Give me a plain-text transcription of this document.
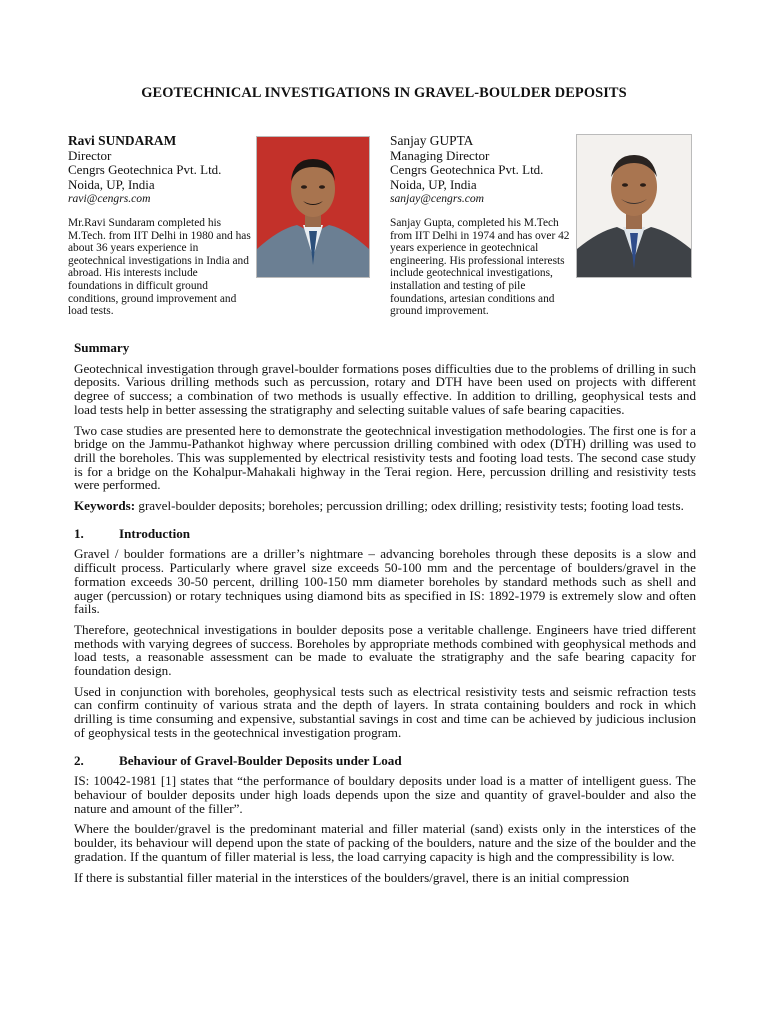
GEOTECHNICAL INVESTIGATIONS IN GRAVEL-BOULDER DEPOSITS
Ravi SUNDARAM
Director
Cengrs Geotechnica Pvt. Ltd.
Noida, UP, India
ravi@cengrs.com
Mr.Ravi Sundaram completed his M.Tech. from IIT Delhi in 1980 and has about 36 years experience in geotechnical investigations in India and abroad. His interests include foundations in difficult ground conditions, ground improvement and load tests.
Sanjay GUPTA
Managing Director
Cengrs Geotechnica Pvt. Ltd.
Noida, UP, India
sanjay@cengrs.com
Sanjay Gupta, completed his M.Tech from IIT Delhi in 1974 and has over 42 years experience in geotechnical engineering. His professional interests include geotechnical investigations, installation and testing of pile foundations, artesian conditions and ground improvement.
Summary

Geotechnical investigation through gravel-boulder formations poses difficulties due to the problems of drilling in such deposits. Various drilling methods such as percussion, rotary and DTH have been used on projects with different degree of success; a combination of two methods is usually effective. In addition to drilling, geophysical tests and load tests help in better assessing the stratigraphy and selecting suitable values of safe bearing capacities.

Two case studies are presented here to demonstrate the geotechnical investigation methodologies. The first one is for a bridge on the Jammu-Pathankot highway where percussion drilling combined with odex (DTH) drilling was used to drill the boreholes. This was supplemented by electrical resistivity tests and footing load tests. The second case study is for a bridge on the Kohalpur-Mahakali highway in the Terai region. Here, percussion drilling and resistivity tests were performed.

Keywords: gravel-boulder deposits; boreholes; percussion drilling; odex drilling; resistivity tests; footing load tests.

1.	Introduction

Gravel / boulder formations are a driller’s nightmare – advancing boreholes through these deposits is a slow and difficult process. Particularly where gravel size exceeds 50-100 mm and the percentage of boulders/gravel in the formation exceeds 30-50 percent, drilling 100-150 mm diameter boreholes by standard methods such as shell and auger (percussion) or rotary techniques using diamond bits as specified in IS: 1892-1979 is extremely slow and often fails.

Therefore, geotechnical investigations in boulder deposits pose a veritable challenge. Engineers have tried different methods with varying degrees of success. Boreholes by appropriate methods combined with geophysical methods and load tests, a reasonable assessment can be made to evaluate the stratigraphy and the safe bearing capacity for foundation design.

Used in conjunction with boreholes, geophysical tests such as electrical resistivity tests and seismic refraction tests can confirm continuity of various strata and the depth of layers. In strata containing boulders and rock in which drilling is time consuming and expensive, substantial savings in cost and time can be achieved by judicious inclusion of geophysical tests in the geotechnical investigation program.

2.	Behaviour of Gravel-Boulder Deposits under Load

IS: 10042-1981 [1] states that “the performance of bouldary deposits under load is a matter of intelligent guess. The behaviour of boulder deposits under high loads depends upon the size and quantity of gravel-boulder and also the nature and amount of the filler”.

Where the boulder/gravel is the predominant material and filler material (sand) exists only in the interstices of the boulder, its behaviour will depend upon the state of packing of the boulders, nature and the size of the boulder and the gradation. If the quantum of filler material is less, the load carrying capacity is high and the compressibility is low.

If there is substantial filler material in the interstices of the boulders/gravel, there is an initial compression
